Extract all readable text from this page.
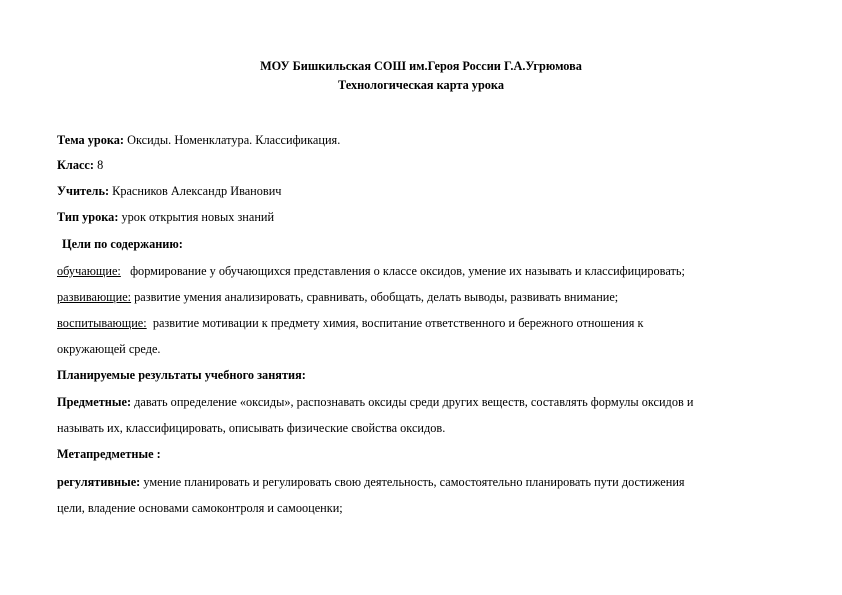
МОУ Бишкильская СОШ им.Героя России Г.А.Угрюмова
Технологическая карта урока
Тема урока: Оксиды. Номенклатура. Классификация.
Класс: 8
Учитель: Красников Александр Иванович
Тип урока: урок открытия новых знаний
Цели по содержанию:
обучающие: формирование у обучающихся представления о классе оксидов, умение их называть и классифицировать;
развивающие: развитие умения анализировать, сравнивать, обобщать, делать выводы, развивать внимание;
воспитывающие: развитие мотивации к предмету химия, воспитание ответственного и бережного отношения к
окружающей среде.
Планируемые результаты учебного занятия:
Предметные: давать определение «оксиды», распознавать оксиды среди других веществ, составлять формулы оксидов и
называть их, классифицировать, описывать физические свойства оксидов.
Метапредметные :
регулятивные: умение планировать и регулировать свою деятельность, самостоятельно планировать пути достижения
цели, владение основами самоконтроля и самооценки;
